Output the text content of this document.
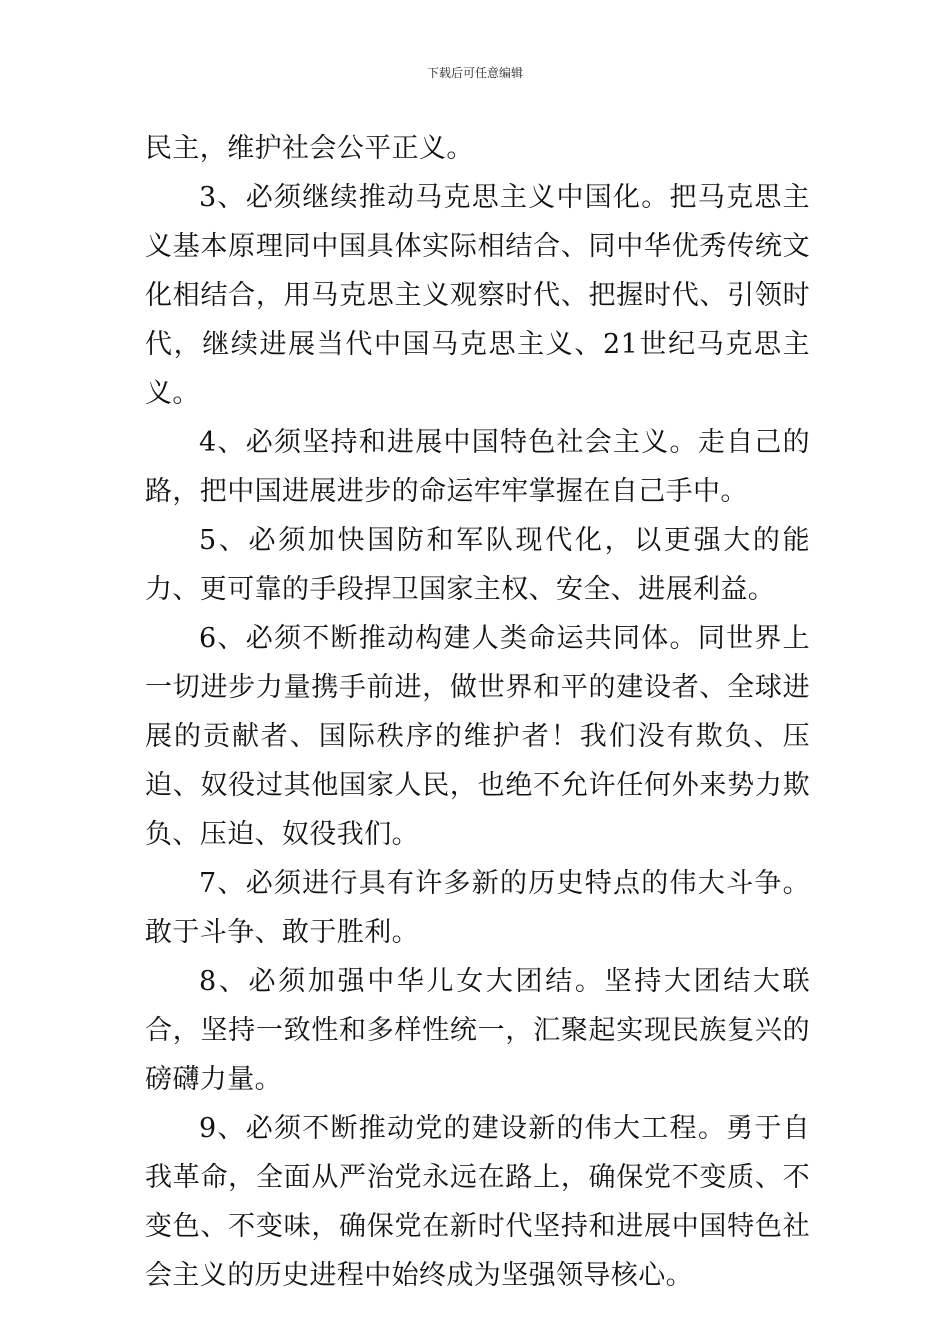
下载后可任意编辑

民主，维护社会公平正义。

3、必须继续推动马克思主义中国化。把马克思主义基本原理同中国具体实际相结合、同中华优秀传统文化相结合，用马克思主义观察时代、把握时代、引领时代，继续进展当代中国马克思主义、21世纪马克思主义。

4、必须坚持和进展中国特色社会主义。走自己的路，把中国进展进步的命运牢牢掌握在自己手中。

5、必须加快国防和军队现代化，以更强大的能力、更可靠的手段捍卫国家主权、安全、进展利益。

6、必须不断推动构建人类命运共同体。同世界上一切进步力量携手前进，做世界和平的建设者、全球进展的贡献者、国际秩序的维护者！我们没有欺负、压迫、奴役过其他国家人民，也绝不允许任何外来势力欺负、压迫、奴役我们。

7、必须进行具有许多新的历史特点的伟大斗争。敢于斗争、敢于胜利。

8、必须加强中华儿女大团结。坚持大团结大联合，坚持一致性和多样性统一，汇聚起实现民族复兴的磅礴力量。

9、必须不断推动党的建设新的伟大工程。勇于自我革命，全面从严治党永远在路上，确保党不变质、不变色、不变味，确保党在新时代坚持和进展中国特色社会主义的历史进程中始终成为坚强领导核心。
